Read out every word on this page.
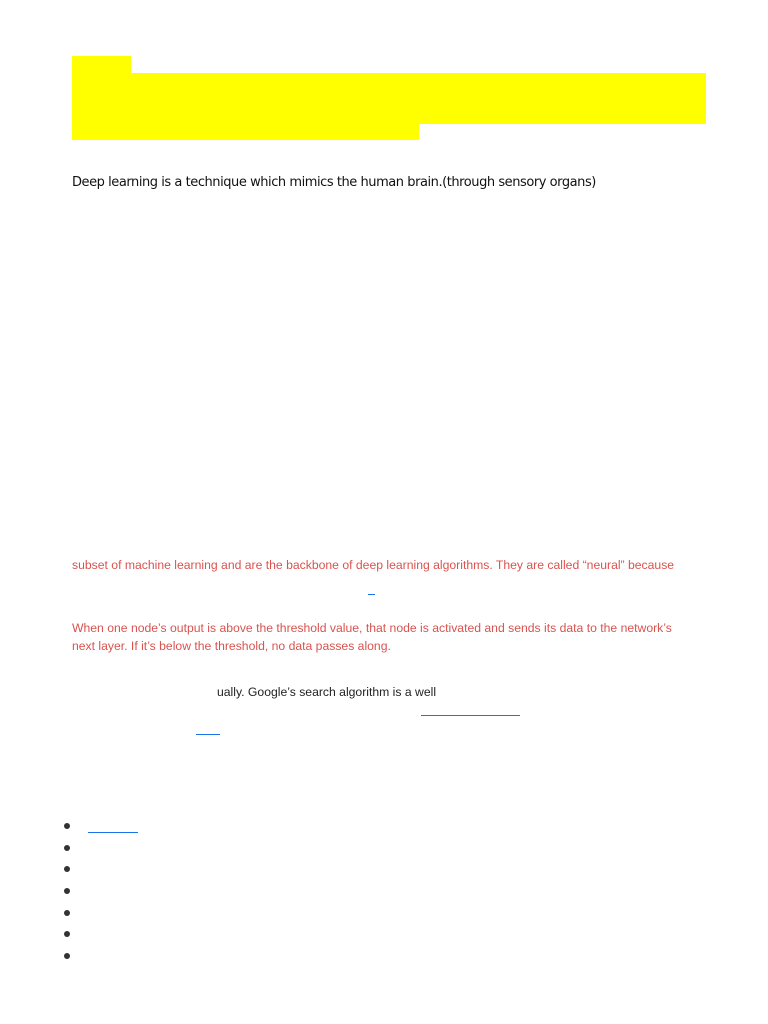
Deep learning is a technique which mimics the human brain.(through sensory organs)
subset of machine learning and are the backbone of deep learning algorithms. They are called “neural” because
When one node’s output is above the threshold value, that node is activated and sends its data to the network’s
next layer. If it’s below the threshold, no data passes along.
ually. Google’s search algorithm is a well
